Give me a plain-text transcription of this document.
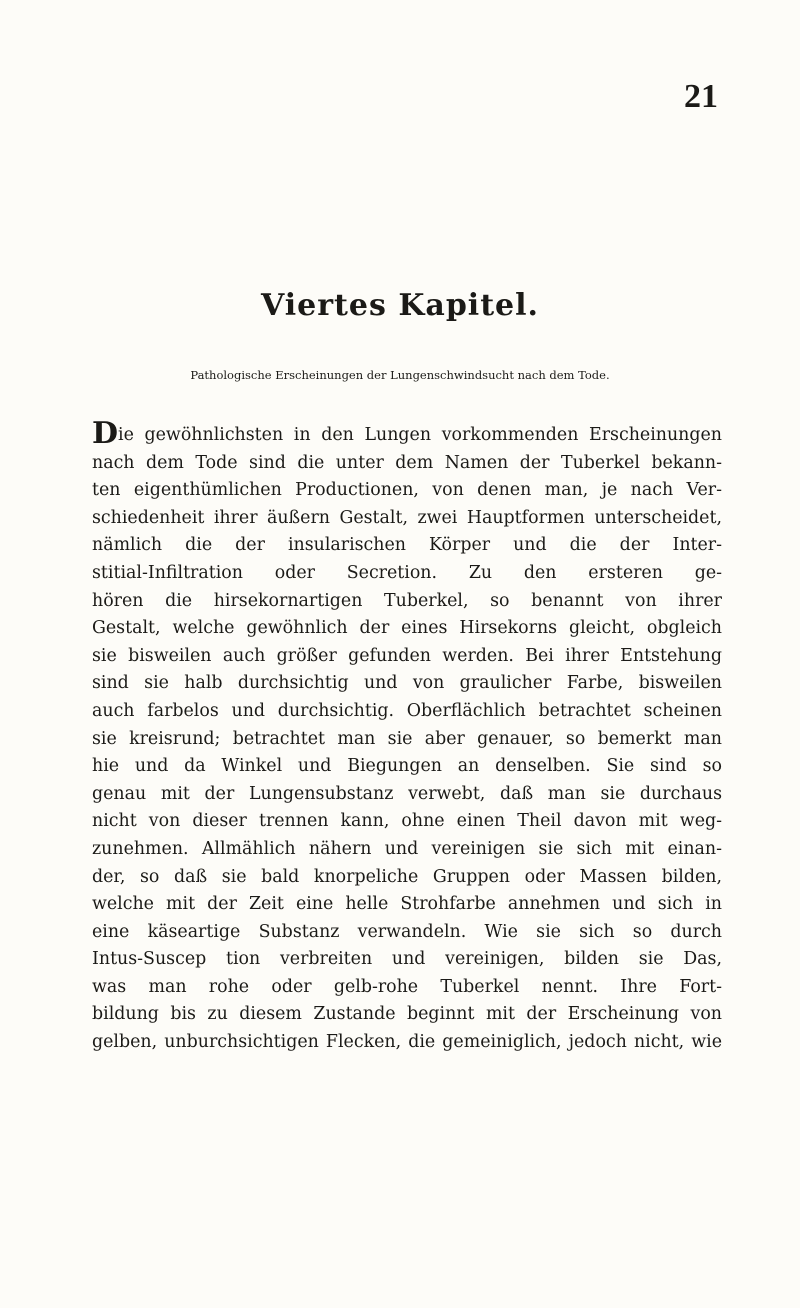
21
Viertes Kapitel.
Pathologische Erscheinungen der Lungenschwindsucht nach dem Tode.
Die gewöhnlichsten in den Lungen vorkommenden Erscheinungen
nach dem Tode sind die unter dem Namen der Tuberkel bekann-
ten eigenthümlichen Productionen, von denen man, je nach Ver-
schiedenheit ihrer äußern Gestalt, zwei Hauptformen unterscheidet,
nämlich die der insularischen Körper und die der Inter-
stitial-Infiltration oder Secretion. Zu den ersteren ge-
hören die hirsekornartigen Tuberkel, so benannt von ihrer
Gestalt, welche gewöhnlich der eines Hirsekorns gleicht, obgleich
sie bisweilen auch größer gefunden werden. Bei ihrer Entstehung
sind sie halb durchsichtig und von graulicher Farbe, bisweilen
auch farbelos und durchsichtig. Oberflächlich betrachtet scheinen
sie kreisrund; betrachtet man sie aber genauer, so bemerkt man
hie und da Winkel und Biegungen an denselben. Sie sind so
genau mit der Lungensubstanz verwebt, daß man sie durchaus
nicht von dieser trennen kann, ohne einen Theil davon mit weg-
zunehmen. Allmählich nähern und vereinigen sie sich mit einan-
der, so daß sie bald knorpeliche Gruppen oder Massen bilden,
welche mit der Zeit eine helle Strohfarbe annehmen und sich in
eine käseartige Substanz verwandeln. Wie sie sich so durch
Intus-Suscep tion verbreiten und vereinigen, bilden sie Das,
was man rohe oder gelb-rohe Tuberkel nennt. Ihre Fort-
bildung bis zu diesem Zustande beginnt mit der Erscheinung von
gelben, unburchsichtigen Flecken, die gemeiniglich, jedoch nicht, wie
